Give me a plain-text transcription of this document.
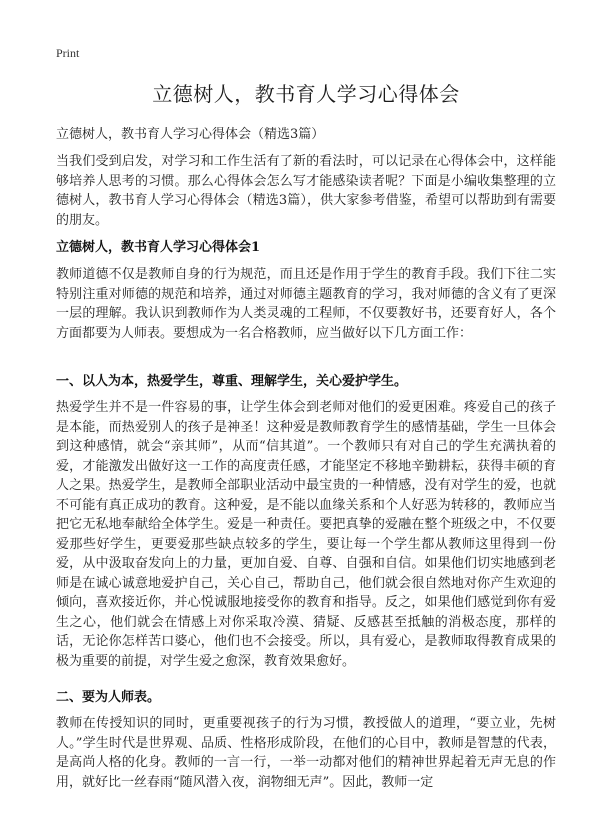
Print
立德树人，教书育人学习心得体会
立德树人，教书育人学习心得体会（精选3篇）

当我们受到启发，对学习和工作生活有了新的看法时，可以记录在心得体会中，这样能够培养人思考的习惯。那么心得体会怎么写才能感染读者呢？下面是小编收集整理的立德树人，教书育人学习心得体会（精选3篇），供大家参考借鉴，希望可以帮助到有需要的朋友。

立德树人，教书育人学习心得体会1

教师道德不仅是教师自身的行为规范，而且还是作用于学生的教育手段。我们下往二实特别注重对师德的规范和培养，通过对师德主题教育的学习，我对师德的含义有了更深一层的理解。我认识到教师作为人类灵魂的工程师，不仅要教好书，还要育好人，各个方面都要为人师表。要想成为一名合格教师，应当做好以下几方面工作：

一、以人为本，热爱学生，尊重、理解学生，关心爱护学生。

热爱学生并不是一件容易的事，让学生体会到老师对他们的爱更困难。疼爱自己的孩子是本能，而热爱别人的孩子是神圣！这种爱是教师教育学生的感情基础，学生一旦体会到这种感情，就会“亲其师”，从而“信其道”。一个教师只有对自己的学生充满执着的爱，才能激发出做好这一工作的高度责任感，才能坚定不移地辛勤耕耘，获得丰硕的育人之果。热爱学生，是教师全部职业活动中最宝贵的一种情感，没有对学生的爱，也就不可能有真正成功的教育。这种爱，是不能以血缘关系和个人好恶为转移的，教师应当把它无私地奉献给全体学生。爱是一种责任。要把真挚的爱融在整个班级之中，不仅要爱那些好学生，更要爱那些缺点较多的学生，要让每一个学生都从教师这里得到一份爱，从中汲取奋发向上的力量，更加自爱、自尊、自强和自信。如果他们切实地感到老师是在诚心诚意地爱护自己，关心自己，帮助自己，他们就会很自然地对你产生欢迎的倾向，喜欢接近你，并心悦诚服地接受你的教育和指导。反之，如果他们感觉到你有爱生之心，他们就会在情感上对你采取冷漠、猜疑、反感甚至抵触的消极态度，那样的话，无论你怎样苦口婆心，他们也不会接受。所以，具有爱心，是教师取得教育成果的极为重要的前提，对学生爱之愈深，教育效果愈好。

二、要为人师表。

教师在传授知识的同时，更重要视孩子的行为习惯，教授做人的道理，“要立业，先树人。”学生时代是世界观、品质、性格形成阶段，在他们的心目中，教师是智慧的代表，是高尚人格的化身。教师的一言一行，一举一动都对他们的精神世界起着无声无息的作用，就好比一丝春雨“随风潜入夜，润物细无声”。因此，教师一定
